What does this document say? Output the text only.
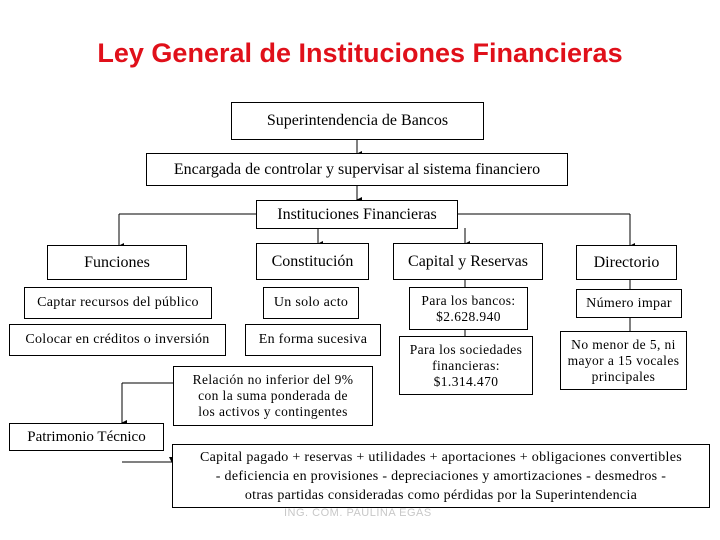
Ley General de Instituciones Financieras
Superintendencia de Bancos
Encargada de controlar y supervisar al sistema financiero
Instituciones Financieras
Funciones
Captar recursos del público
Colocar en créditos o inversión
Constitución
Un solo acto
En forma sucesiva
Capital y Reservas
Para los bancos:
$2.628.940
Para los sociedades
financieras:
$1.314.470
Directorio
Número impar
No menor de 5, ni
mayor a 15 vocales
principales
Relación no inferior del 9%
con la suma ponderada de
los activos y contingentes
Patrimonio Técnico
Capital pagado + reservas + utilidades + aportaciones + obligaciones convertibles
- deficiencia en provisiones - depreciaciones y amortizaciones - desmedros -
otras partidas consideradas como pérdidas por la Superintendencia
ING. COM. PAULINA EGAS
